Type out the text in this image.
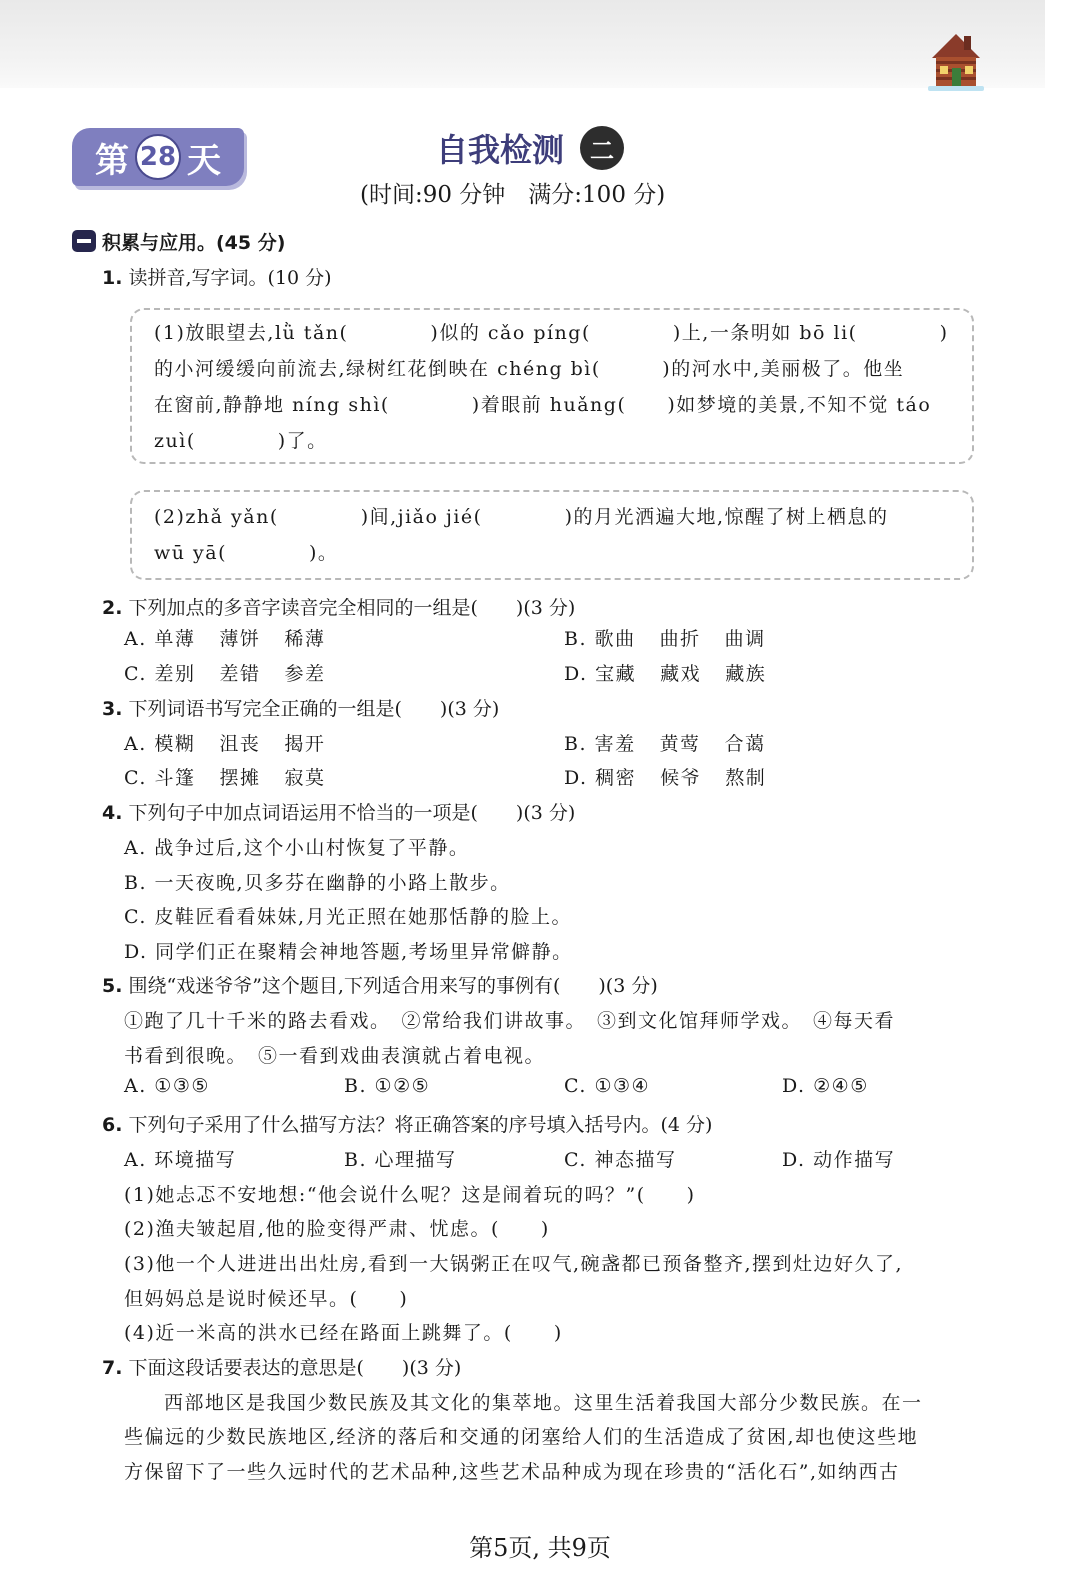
第 28 天	自我检测	二
(时间:90 分钟　满分:100 分)
积累与应用。(45 分)
1. 读拼音,写字词。(10 分)
(1)放眼望去,lǜ tǎn(　　　　)似的 cǎo píng(　　　　)上,一条明如 bō li(　　　　)
的小河缓缓向前流去,绿树红花倒映在 chéng bì(　　　)的河水中,美丽极了。他坐
在窗前,静静地 níng shì(　　　　)着眼前 huǎng(　　)如梦境的美景,不知不觉 táo
zuì(　　　　)了。
(2)zhǎ yǎn(　　　　)间,jiǎo jié(　　　　)的月光洒遍大地,惊醒了树上栖息的
wū yā(　　　　)。
2. 下列加点的多音字读音完全相同的一组是(　　)(3 分)
A. 单薄 薄饼 稀薄	B. 歌曲 曲折 曲调
C. 差别 差错 参差	D. 宝藏 藏戏 藏族
3. 下列词语书写完全正确的一组是(　　)(3 分)
A. 模糊 沮丧 揭开	B. 害羞 黄莺 合蔼
C. 斗篷 摆摊 寂莫	D. 稠密 候爷 熬制
4. 下列句子中加点词语运用不恰当的一项是(　　)(3 分)
A. 战争过后,这个小山村恢复了平静。
B. 一天夜晚,贝多芬在幽静的小路上散步。
C. 皮鞋匠看看妹妹,月光正照在她那恬静的脸上。
D. 同学们正在聚精会神地答题,考场里异常僻静。
5. 围绕“戏迷爷爷”这个题目,下列适合用来写的事例有(　　)(3 分)
①跑了几十千米的路去看戏。　②常给我们讲故事。　③到文化馆拜师学戏。　④每天看
书看到很晚。　⑤一看到戏曲表演就占着电视。
A. ①③⑤	B. ①②⑤	C. ①③④	D. ②④⑤
6. 下列句子采用了什么描写方法？将正确答案的序号填入括号内。(4 分)
A. 环境描写	B. 心理描写	C. 神态描写	D. 动作描写
(1)她忐忑不安地想:“他会说什么呢？这是闹着玩的吗？”(　　)
(2)渔夫皱起眉,他的脸变得严肃、忧虑。(　　)
(3)他一个人进进出出灶房,看到一大锅粥正在叹气,碗盏都已预备整齐,摆到灶边好久了,
但妈妈总是说时候还早。(　　)
(4)近一米高的洪水已经在路面上跳舞了。(　　)
7. 下面这段话要表达的意思是(　　)(3 分)
西部地区是我国少数民族及其文化的集萃地。这里生活着我国大部分少数民族。在一
些偏远的少数民族地区,经济的落后和交通的闭塞给人们的生活造成了贫困,却也使这些地
方保留下了一些久远时代的艺术品种,这些艺术品种成为现在珍贵的“活化石”,如纳西古
第5页, 共9页
